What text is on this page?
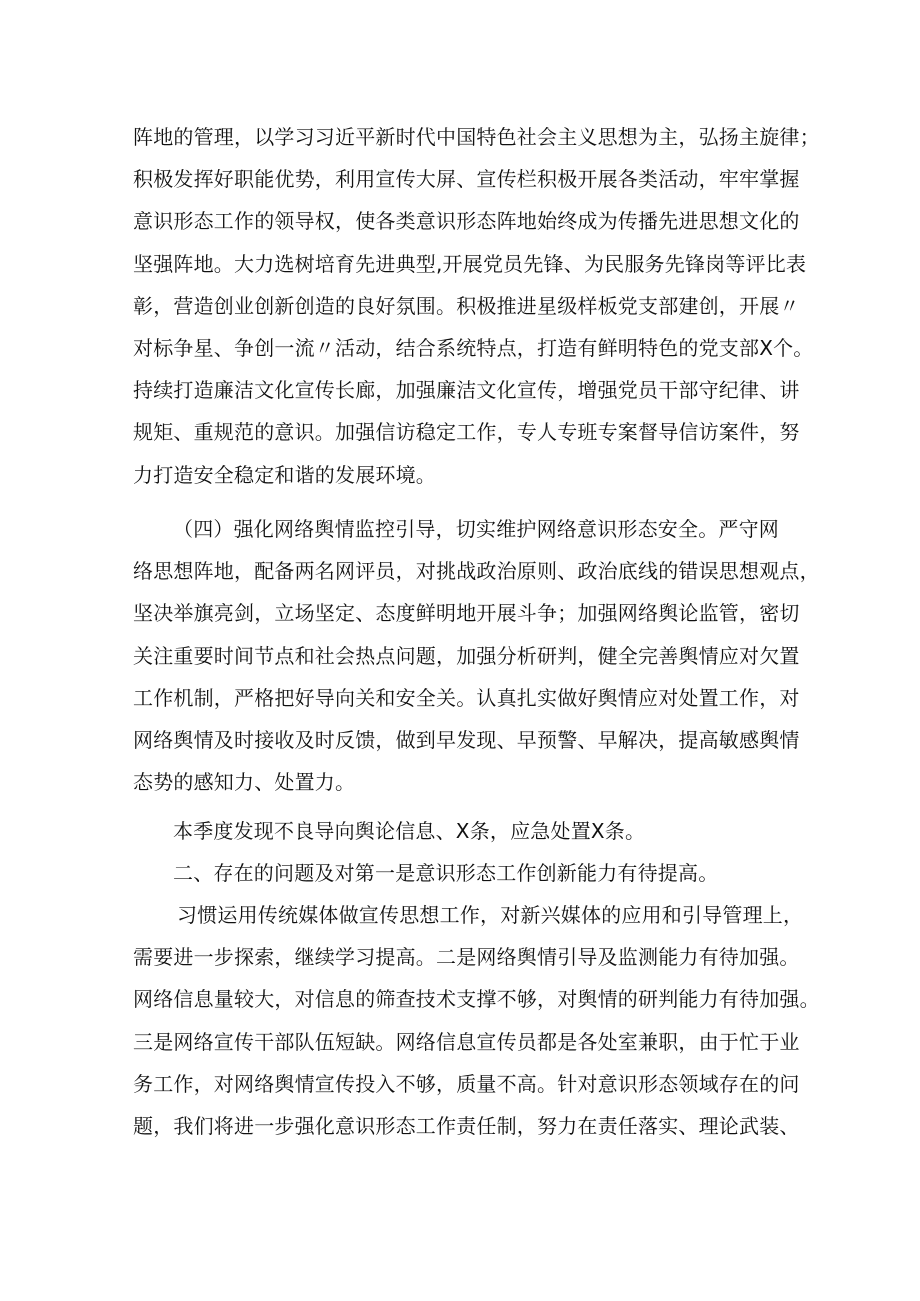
阵地的管理，以学习习近平新时代中国特色社会主义思想为主，弘扬主旋律；
积极发挥好职能优势，利用宣传大屏、宣传栏积极开展各类活动，牢牢掌握
意识形态工作的领导权，使各类意识形态阵地始终成为传播先进思想文化的
坚强阵地。大力选树培育先进典型,开展党员先锋、为民服务先锋岗等评比表
彰，营造创业创新创造的良好氛围。积极推进星级样板党支部建创，开展〃
对标争星、争创一流〃活动，结合系统特点，打造有鲜明特色的党支部X个。
持续打造廉洁文化宣传长廊，加强廉洁文化宣传，增强党员干部守纪律、讲
规矩、重规范的意识。加强信访稳定工作，专人专班专案督导信访案件，努
力打造安全稳定和谐的发展环境。
（四）强化网络舆情监控引导，切实维护网络意识形态安全。严守网
络思想阵地，配备两名网评员，对挑战政治原则、政治底线的错误思想观点，
坚决举旗亮剑，立场坚定、态度鲜明地开展斗争；加强网络舆论监管，密切
关注重要时间节点和社会热点问题，加强分析研判，健全完善舆情应对欠置
工作机制，严格把好导向关和安全关。认真扎实做好舆情应对处置工作，对
网络舆情及时接收及时反馈，做到早发现、早预警、早解决，提高敏感舆情
态势的感知力、处置力。
本季度发现不良导向舆论信息、X条，应急处置X条。
二、存在的问题及对第一是意识形态工作创新能力有待提高。
习惯运用传统媒体做宣传思想工作，对新兴媒体的应用和引导管理上，
需要进一步探索，继续学习提高。二是网络舆情引导及监测能力有待加强。
网络信息量较大，对信息的筛查技术支撑不够，对舆情的研判能力有待加强。
三是网络宣传干部队伍短缺。网络信息宣传员都是各处室兼职，由于忙于业
务工作，对网络舆情宣传投入不够，质量不高。针对意识形态领域存在的问
题，我们将进一步强化意识形态工作责任制，努力在责任落实、理论武装、
